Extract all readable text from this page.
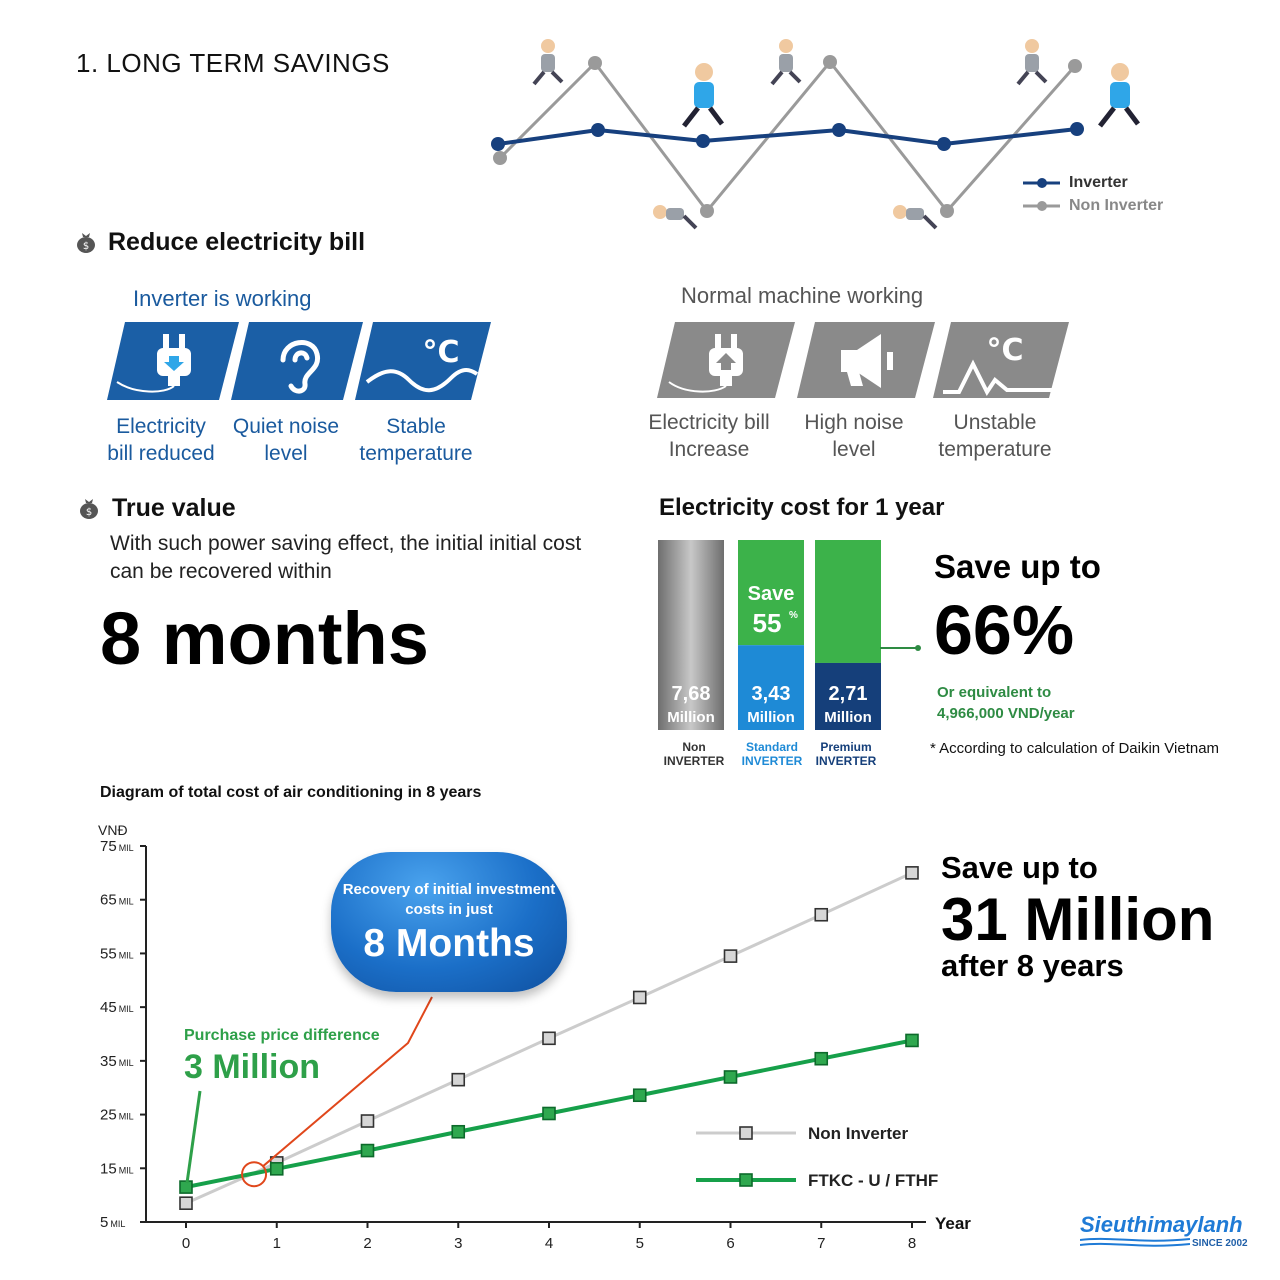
1. LONG TERM SAVINGS
Inverter
Non Inverter
$ Reduce electricity bill
Inverter is working	Normal machine working
°C	°C
Electricity
bill reduced
Quiet noise
level
Stable
temperature
Electricity bill
Increase
High noise
level
Unstable
temperature
$ True value
With such power saving effect, the initial initial cost can be recovered within
8 months
Electricity cost for 1 year
7,68
Million
3,43
Million
2,71
Million
Save
55 %
Non
INVERTER
Standard
INVERTER
Premium
INVERTER
Save up to
66%
Or equivalent to
4,966,000 VND/year
* According to calculation of Daikin Vietnam
Diagram of total cost of air conditioning in 8 years
VNĐ
Year
5 MIL
15 MIL
25 MIL
35 MIL
45 MIL
55 MIL
65 MIL
75 MIL
0	1	2	3	4	5	6	7	8
Non Inverter
FTKC - U / FTHF
Recovery of initial investment costs in just
8 Months
Purchase price difference
3 Million
Save up to
31 Million
after 8 years
Sieuthimaylanh
SINCE 2002
